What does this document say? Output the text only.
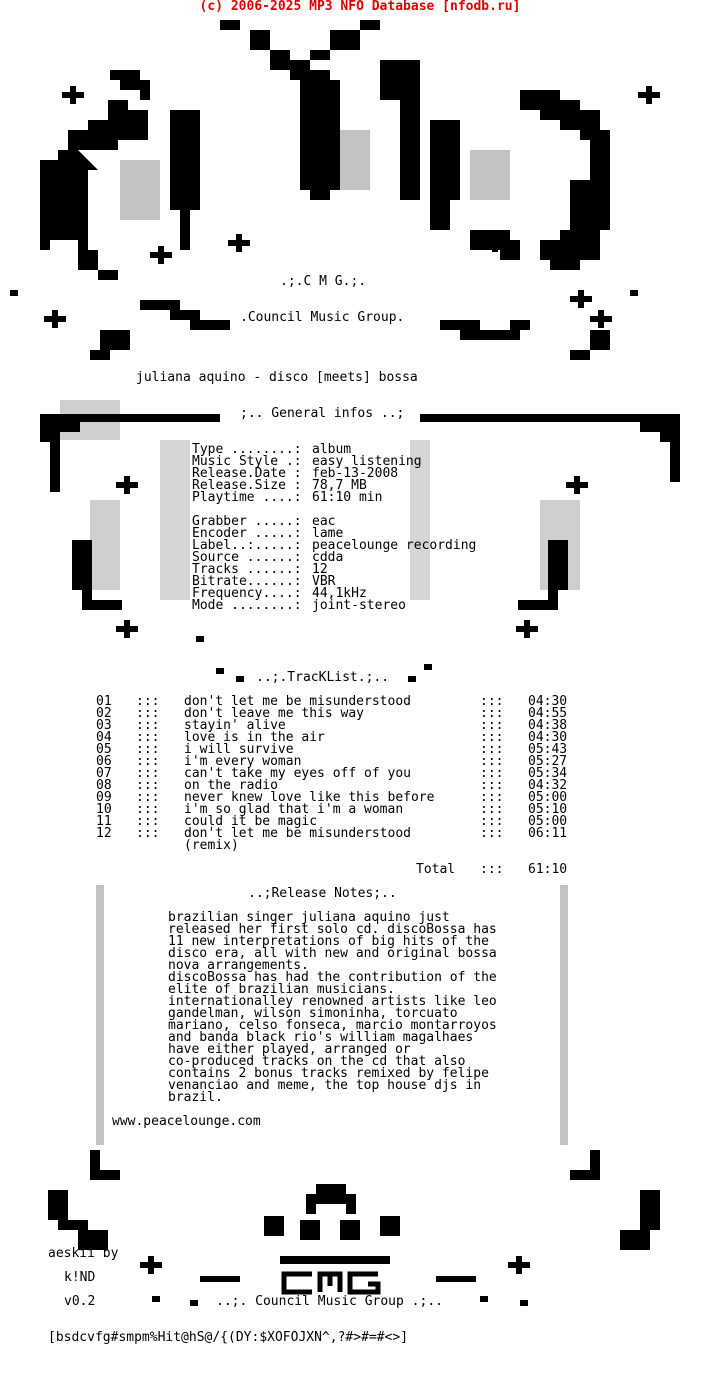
(c) 2006-2025 MP3 NFO Database [nfodb.ru]
.;.C M G.;.
.Council Music Group.
juliana aquino - disco [meets] bossa
;.. General infos ..;
Type ........: album
Music Style .: easy listening
Release.Date : feb-13-2008
Release.Size : 78,7 MB
Playtime ....: 61:10 min
Grabber .....: eac
Encoder .....: lame
Label..:.....: peacelounge recording
Source ......: cdda
Tracks ......: 12
Bitrate......: VBR
Frequency....: 44,1kHz
Mode ........: joint-stereo
..;.TracKList.;..
01 ::: don't let me be misunderstood	::: 04:30
02 ::: don't leave me this way	::: 04:55
03 ::: stayin' alive	::: 04:38
04 ::: love is in the air	::: 04:30
05 ::: i will survive	::: 05:43
06 ::: i'm every woman	::: 05:27
07 ::: can't take my eyes off of you	::: 05:34
08 ::: on the radio	::: 04:32
09 ::: never knew love like this before	::: 05:00
10 ::: i'm so glad that i'm a woman	::: 05:10
11 ::: could it be magic	::: 05:00
12 ::: don't let me be misunderstood	::: 06:11
(remix)
Total ::: 61:10
..;Release Notes;..
brazilian singer juliana aquino just
released her first solo cd. discoBossa has
11 new interpretations of big hits of the
disco era, all with new and original bossa
nova arrangements.
discoBossa has had the contribution of the
elite of brazilian musicians.
internationalley renowned artists like leo
gandelman, wilson simoninha, torcuato
mariano, celso fonseca, marcio montarroyos
and banda black rio's william magalhaes
have either played, arranged or
co-produced tracks on the cd that also
contains 2 bonus tracks remixed by felipe
venanciao and meme, the top house djs in
brazil.
www.peacelounge.com
aeskii by
k!ND
v0.2	..;. Council Music Group .;..
[bsdcvfg#smpm%Hit@hS@/{(DY:$XOFOJXN^,?#>#=#<>]
